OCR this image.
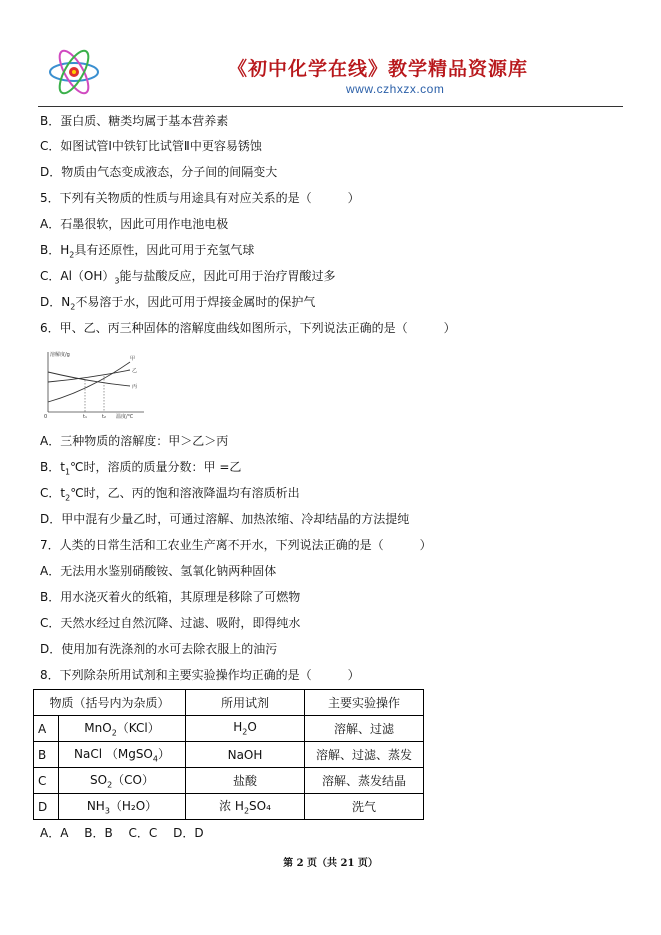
《初中化学在线》教学精品资源库
www.czhxzx.com
B．蛋白质、糖类均属于基本营养素
C．如图试管Ⅰ中铁钉比试管Ⅱ中更容易锈蚀
D．物质由气态变成液态，分子间的间隔变大
5．下列有关物质的性质与用途具有对应关系的是（　　　）
A．石墨很软，因此可用作电池电极
B．$H_2$具有还原性，因此可用于充氢气球
C．$Al(OH)_3$能与盐酸反应，因此可用于治疗胃酸过多
D．$N_2$不易溶于水，因此可用于焊接金属时的保护气
6．甲、乙、丙三种固体的溶解度曲线如图所示，下列说法正确的是（　　　）
溶解度/g
温度/℃
0	t₁	t₂
甲
乙
丙
A．三种物质的溶解度：甲＞乙＞丙
B．$t_1℃$时，溶质的质量分数：甲 =乙
C．$t_2℃$时，乙、丙的饱和溶液降温均有溶质析出
D．甲中混有少量乙时，可通过溶解、加热浓缩、冷却结晶的方法提纯
7．人类的日常生活和工农业生产离不开水，下列说法正确的是（　　　）
A．无法用水鉴别硝酸铵、氢氧化钠两种固体
B．用水浇灭着火的纸箱，其原理是移除了可燃物
C．天然水经过自然沉降、过滤、吸附，即得纯水
D．使用加有洗涤剂的水可去除衣服上的油污
8．下列除杂所用试剂和主要实验操作均正确的是（　　　）
物质（括号内为杂质）		所用试剂	主要实验操作
A	MnO$_2$（KCl）	$H_2O$	溶解、过滤
B	NaCl （MgSO$_4$）	NaOH	溶解、过滤、蒸发
C	$SO_2(CO)$	盐酸	溶解、蒸发结晶
D	$NH_3(H_2O)$	浓 $H_2SO_4$	洗气
A．A　 B．B　 C．C　 D．D
第 2 页（共 21 页）
